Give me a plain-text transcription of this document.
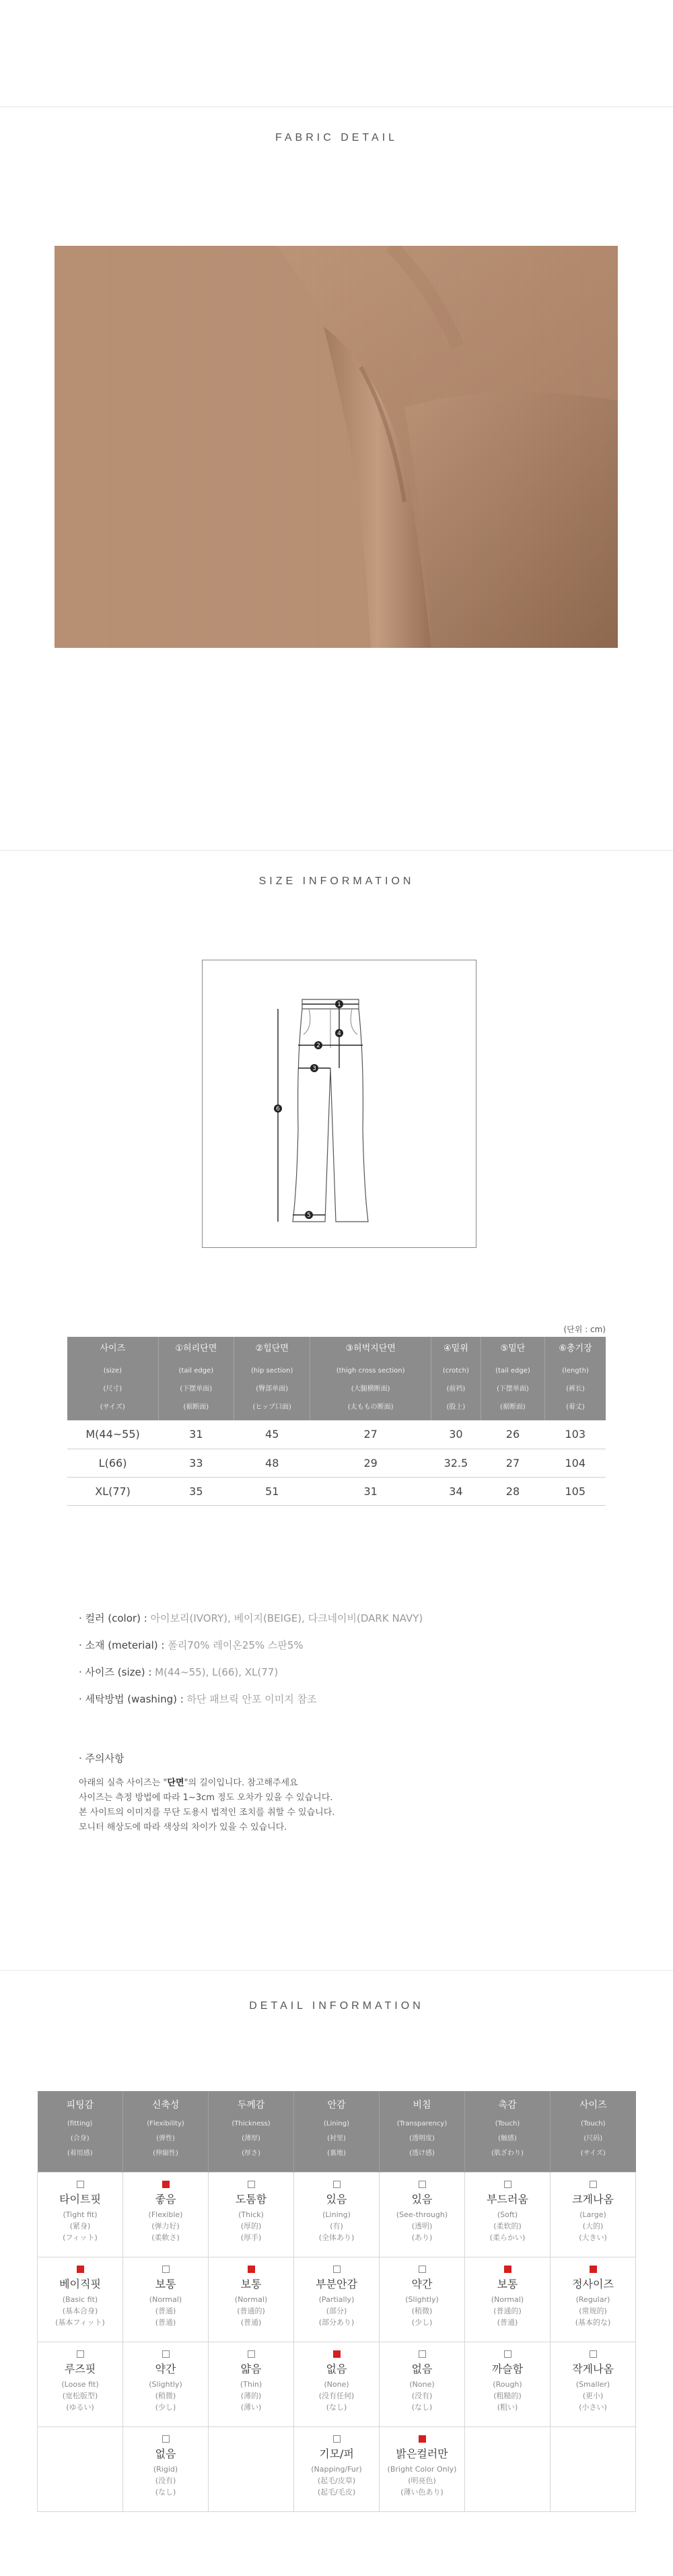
FABRIC DETAIL
SIZE INFORMATION
1
4
2
3
6
5
(단위 : cm)
사이즈
(size)
(尺寸)
(サイズ)	①허리단면
(tail edge)
(下摆单面)
(裾断面)	②힙단면
(hip section)
(臀部单面)
(ヒップ口面)	③허벅지단면
(thigh cross section)
(大腿横断面)
(太ももの断面)	④밑위
(crotch)
(前裆)
(股上)	⑤밑단
(tail edge)
(下摆单面)
(裾断面)	⑥총기장
(length)
(裤长)
(着丈)

M(44~55)	31	45	27	30	26	103
L(66)	33	48	29	32.5	27	104
XL(77)	35	51	31	34	28	105
· 컬러 (color) : 아이보리(IVORY), 베이지(BEIGE), 다크네이비(DARK NAVY)
· 소재 (meterial) : 폴리70% 레이온25% 스판5%
· 사이즈 (size) : M(44~55), L(66), XL(77)
· 세탁방법 (washing) : 하단 패브릭 안포 이미지 참조
· 주의사항
아래의 실측 사이즈는 "단면"의 길이입니다. 참고해주세요
사이즈는 측정 방법에 따라 1~3cm 정도 오차가 있을 수 있습니다.
본 사이트의 이미지를 무단 도용시 법적인 조치를 취할 수 있습니다.
모니터 해상도에 따라 색상의 차이가 있을 수 있습니다.
DETAIL INFORMATION
피팅감
(fitting)
(合身)
(着用感)	신축성
(Flexibility)
(弹性)
(伸縮性)	두께감
(Thickness)
(薄厚)
(厚さ)	안감
(Lining)
(衬里)
(裏地)	비침
(Transparency)
(透明度)
(透け感)	촉감
(Touch)
(触感)
(肌ざわり)	사이즈
(Touch)
(尺码)
(サイズ)

타이트핏
(Tight fit)
(紧身)
(フィット)	좋음
(Flexible)
(弹力好)
(柔軟さ)	도톰함
(Thick)
(厚的)
(厚手)	있음
(Lining)
(有)
(全体あり)	있음
(See-through)
(透明)
(あり)	부드러움
(Soft)
(柔软的)
(柔らかい)	크게나옴
(Large)
(大的)
(大きい)

베이직핏
(Basic fit)
(基本合身)
(基本フィット)	보통
(Normal)
(普通)
(普通)	보통
(Normal)
(普通的)
(普通)	부분안감
(Partially)
(部分)
(部分あり)	약간
(Slightly)
(稍微)
(少し)	보통
(Normal)
(普通的)
(普通)	정사이즈
(Regular)
(常规的)
(基本的な)

루즈핏
(Loose fit)
(宽松版型)
(ゆるい)	약간
(Slightly)
(稍微)
(少し)	얇음
(Thin)
(薄的)
(薄い)	없음
(None)
(没有任何)
(なし)	없음
(None)
(没有)
(なし)	까슬함
(Rough)
(粗糙的)
(粗い)	작게나옴
(Smaller)
(更小)
(小さい)

	없음
(Rigid)
(没有)
(なし)		기모/퍼
(Napping/Fur)
(起毛/皮草)
(起毛/毛皮)	밝은컬러만
(Bright Color Only)
(明亮色)
(薄い色あり)		
